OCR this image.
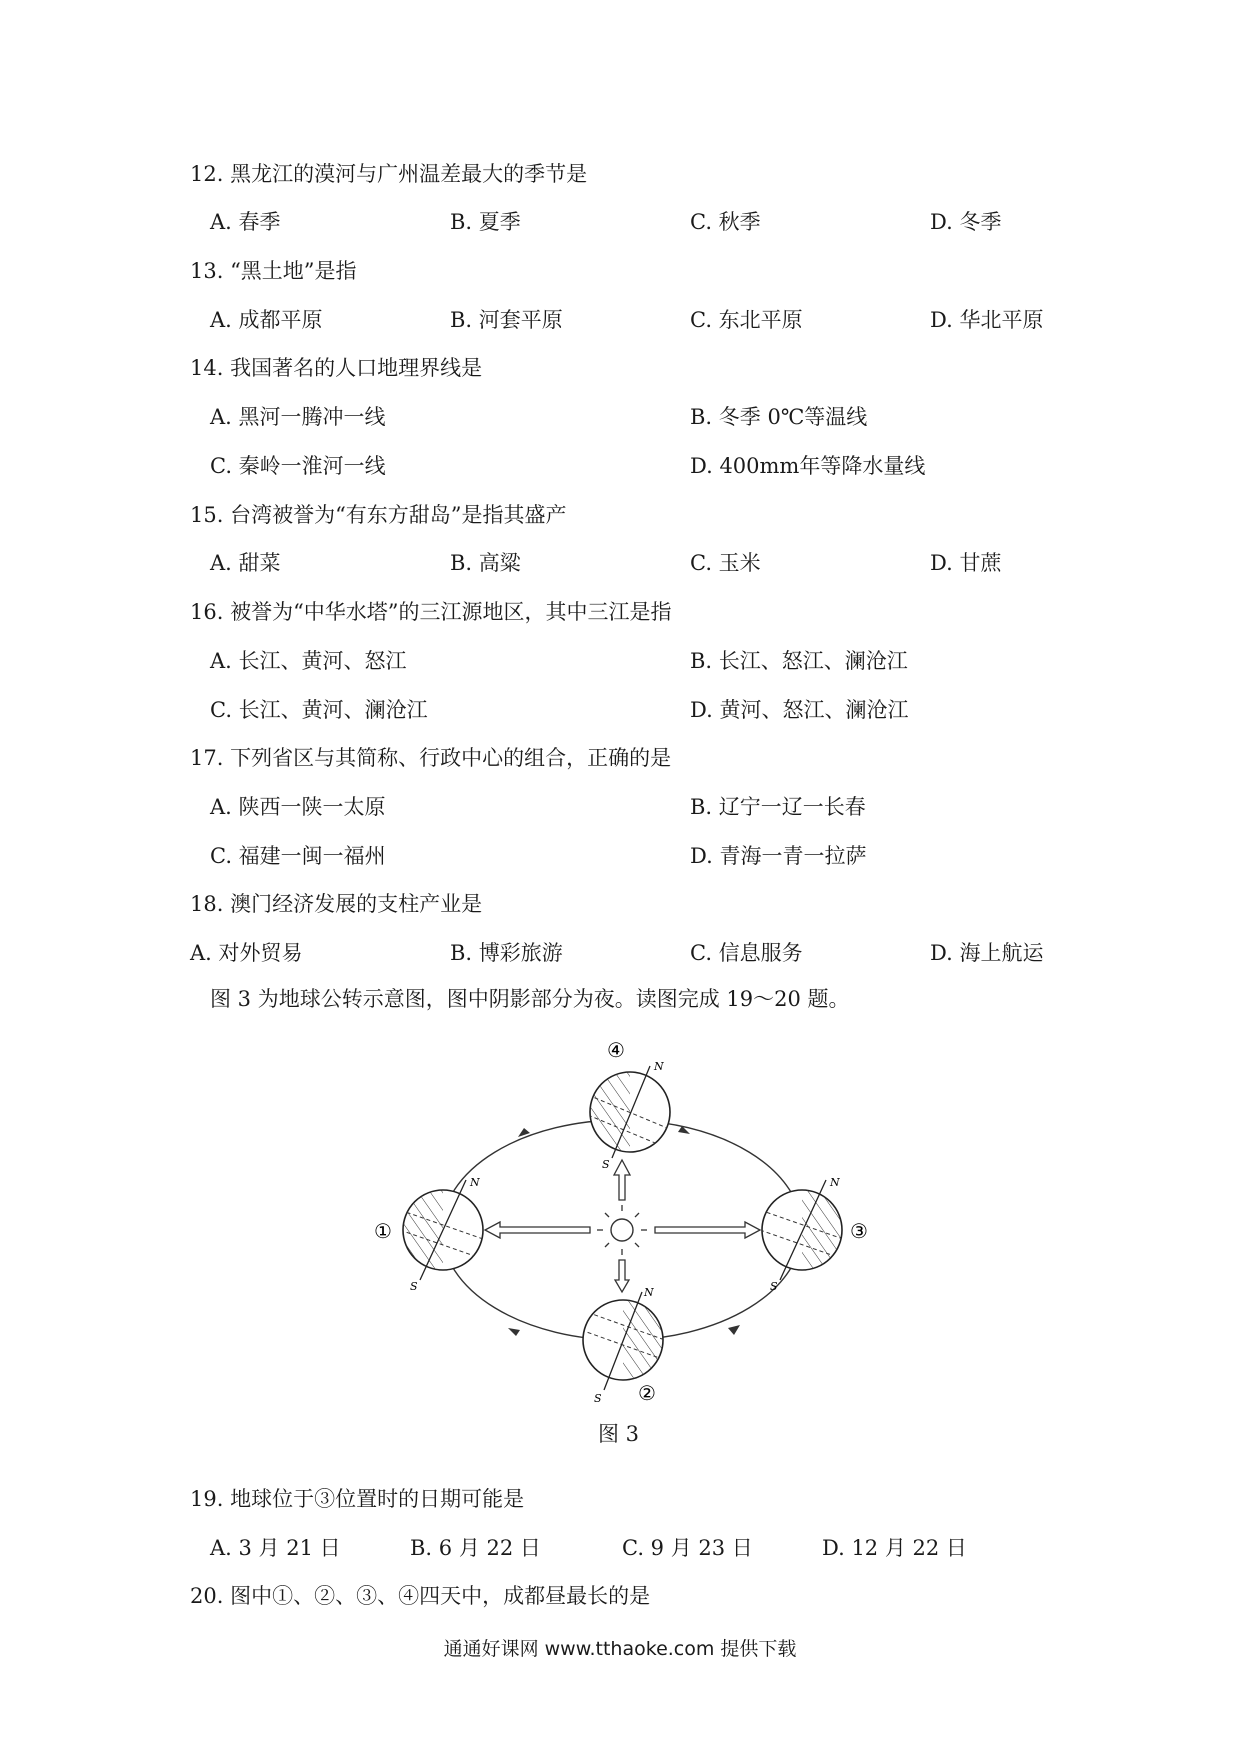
12. 黑龙江的漠河与广州温差最大的季节是
A. 春季	B. 夏季	C. 秋季	D. 冬季
13. “黑土地”是指
A. 成都平原	B. 河套平原	C. 东北平原	D. 华北平原
14. 我国著名的人口地理界线是
A. 黑河一腾冲一线	B. 冬季 0℃等温线
C. 秦岭一淮河一线	D. 400mm年等降水量线
15. 台湾被誉为“有东方甜岛”是指其盛产
A. 甜菜	B. 高粱	C. 玉米	D. 甘蔗
16. 被誉为“中华水塔”的三江源地区，其中三江是指
A. 长江、黄河、怒江	B. 长江、怒江、澜沧江
C. 长江、黄河、澜沧江	D. 黄河、怒江、澜沧江
17. 下列省区与其简称、行政中心的组合，正确的是
A. 陕西一陕一太原	B. 辽宁一辽一长春
C. 福建一闽一福州	D. 青海一青一拉萨
18. 澳门经济发展的支柱产业是
A. 对外贸易	B. 博彩旅游	C. 信息服务	D. 海上航运
图 3 为地球公转示意图，图中阴影部分为夜。读图完成 19～20 题。
④
N
S
①
N
S
③
N
S
②
N
S
图 3
19. 地球位于③位置时的日期可能是
A. 3 月 21 日	B. 6 月 22 日	C. 9 月 23 日	D. 12 月 22 日
20. 图中①、②、③、④四天中，成都昼最长的是
通通好课网 www.tthaoke.com 提供下载
